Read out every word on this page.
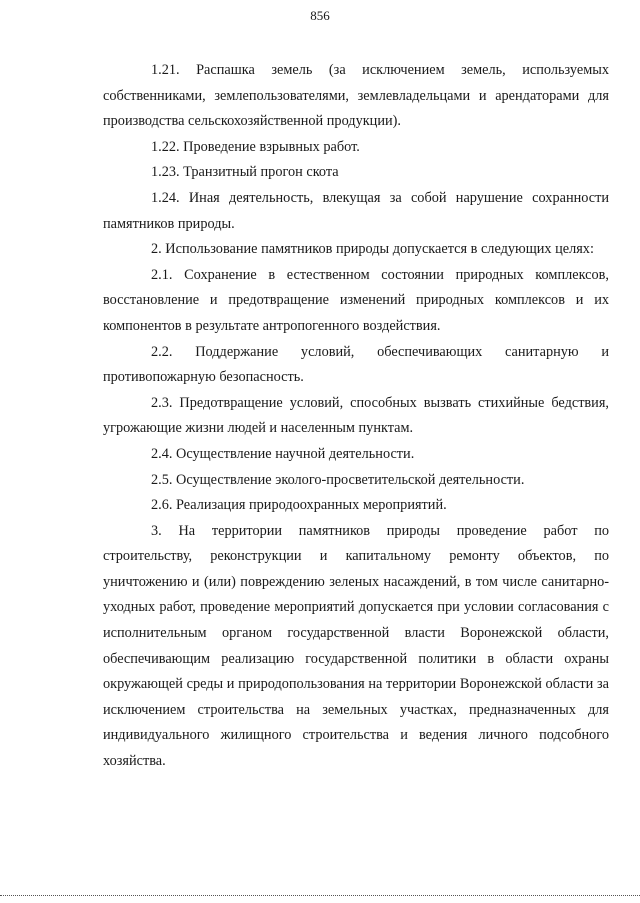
856

1.21. Распашка земель (за исключением земель, используемых собственниками, землепользователями, землевладельцами и арендаторами для производства сельскохозяйственной продукции).

1.22. Проведение взрывных работ.

1.23. Транзитный прогон скота

1.24. Иная деятельность, влекущая за собой нарушение сохранности памятников природы.

2. Использование памятников природы допускается в следующих целях:

2.1. Сохранение в естественном состоянии природных комплексов, восстановление и предотвращение изменений природных комплексов и их компонентов в результате антропогенного воздействия.

2.2. Поддержание условий, обеспечивающих санитарную и противопожарную безопасность.

2.3. Предотвращение условий, способных вызвать стихийные бедствия, угрожающие жизни людей и населенным пунктам.

2.4. Осуществление научной деятельности.

2.5. Осуществление эколого-просветительской деятельности.

2.6. Реализация природоохранных мероприятий.

3. На территории памятников природы проведение работ по строительству, реконструкции и капитальному ремонту объектов, по уничтожению и (или) повреждению зеленых насаждений, в том числе санитарно-уходных работ, проведение мероприятий допускается при условии согласования с исполнительным органом государственной власти Воронежской области, обеспечивающим реализацию государственной политики в области охраны окружающей среды и природопользования на территории Воронежской области за исключением строительства на земельных участках, предназначенных для индивидуального жилищного строительства и ведения личного подсобного хозяйства.
